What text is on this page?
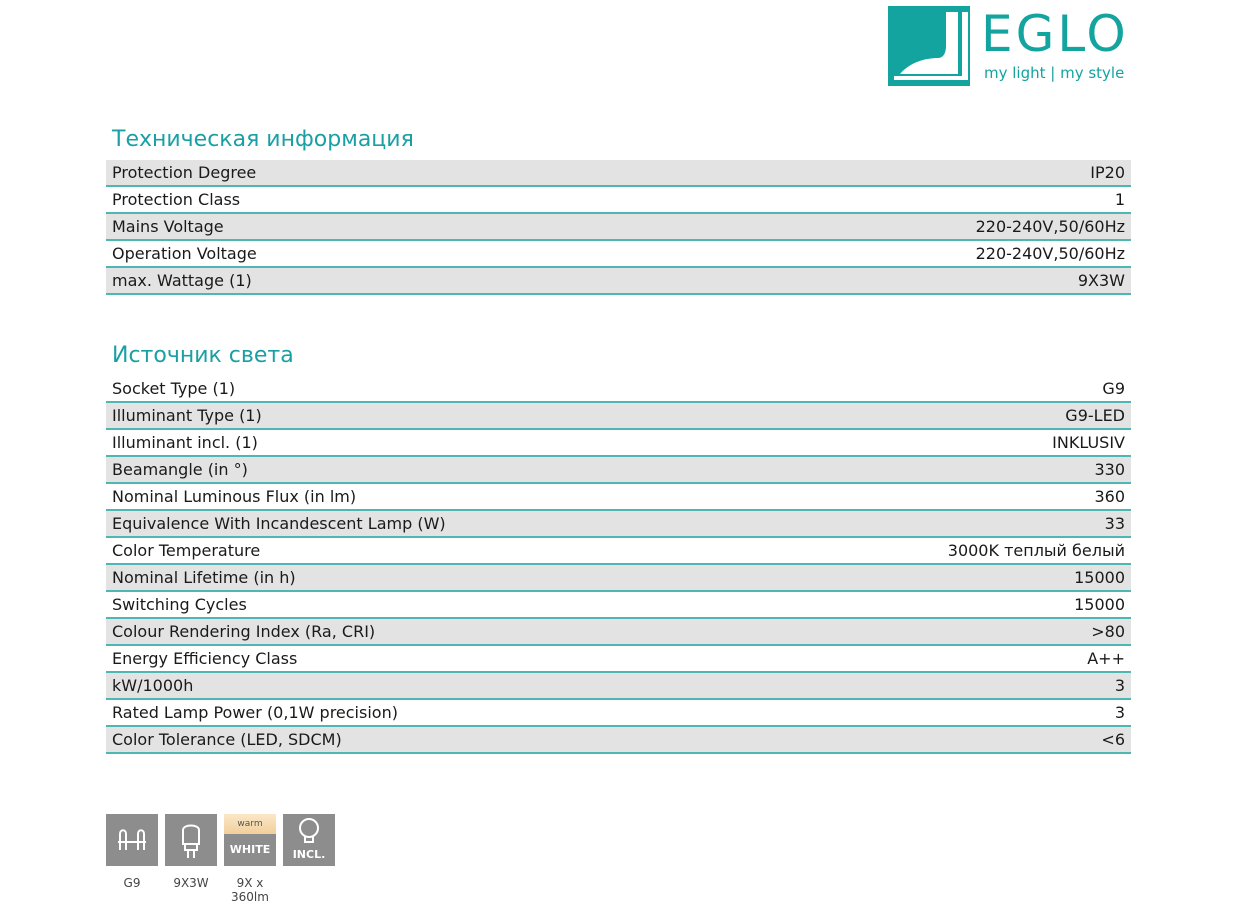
EGLO
my light | my style
Техническая информация
Protection Degree	IP20
Protection Class	1
Mains Voltage	220-240V,50/60Hz
Operation Voltage	220-240V,50/60Hz
max. Wattage (1)	9X3W
Источник света
Socket Type (1)	G9
Illuminant Type (1)	G9-LED
Illuminant incl. (1)	INKLUSIV
Beamangle (in °)	330
Nominal Luminous Flux (in lm)	360
Equivalence With Incandescent Lamp (W)	33
Color Temperature	3000K теплый белый
Nominal Lifetime (in h)	15000
Switching Cycles	15000
Colour Rendering Index (Ra, CRI)	>80
Energy Efficiency Class	A++
kW/1000h	3
Rated Lamp Power (0,1W precision)	3
Color Tolerance (LED, SDCM)	<6
G9	9X3W
warm
WHITE
9X x 360lm
INCL.
